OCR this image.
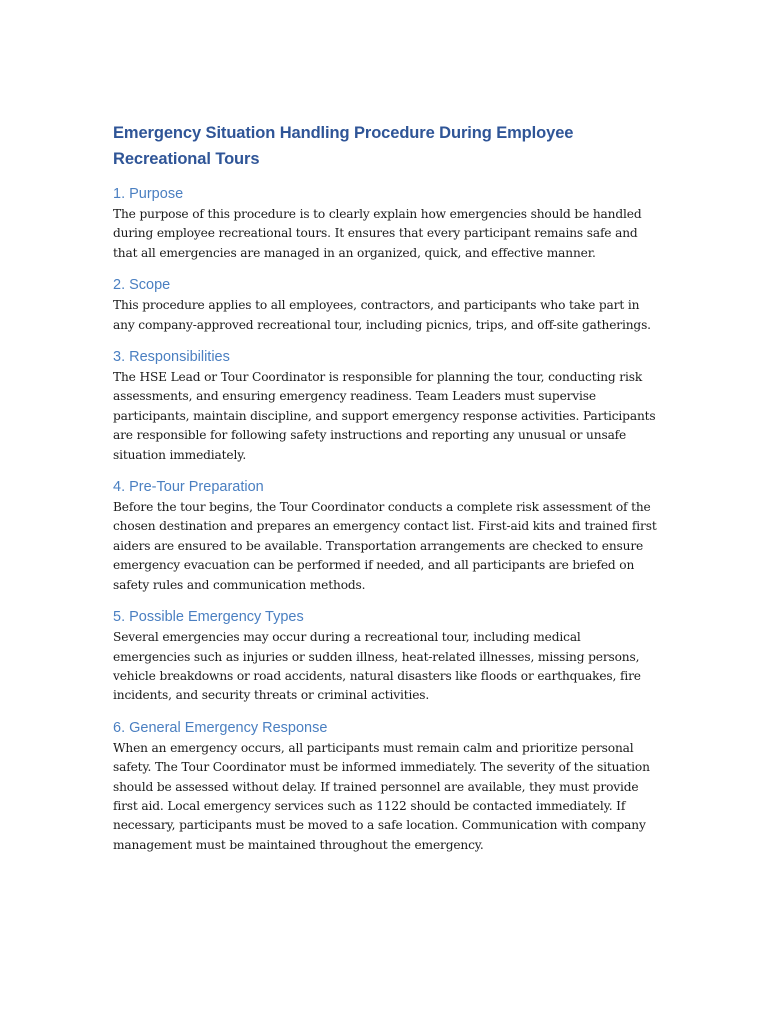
Emergency Situation Handling Procedure During Employee Recreational Tours
1. Purpose

The purpose of this procedure is to clearly explain how emergencies should be handled during employee recreational tours. It ensures that every participant remains safe and that all emergencies are managed in an organized, quick, and effective manner.

2. Scope

This procedure applies to all employees, contractors, and participants who take part in any company-approved recreational tour, including picnics, trips, and off-site gatherings.

3. Responsibilities

The HSE Lead or Tour Coordinator is responsible for planning the tour, conducting risk assessments, and ensuring emergency readiness. Team Leaders must supervise participants, maintain discipline, and support emergency response activities. Participants are responsible for following safety instructions and reporting any unusual or unsafe situation immediately.

4. Pre-Tour Preparation

Before the tour begins, the Tour Coordinator conducts a complete risk assessment of the chosen destination and prepares an emergency contact list. First-aid kits and trained first aiders are ensured to be available. Transportation arrangements are checked to ensure emergency evacuation can be performed if needed, and all participants are briefed on safety rules and communication methods.

5. Possible Emergency Types

Several emergencies may occur during a recreational tour, including medical emergencies such as injuries or sudden illness, heat-related illnesses, missing persons, vehicle breakdowns or road accidents, natural disasters like floods or earthquakes, fire incidents, and security threats or criminal activities.

6. General Emergency Response

When an emergency occurs, all participants must remain calm and prioritize personal safety. The Tour Coordinator must be informed immediately. The severity of the situation should be assessed without delay. If trained personnel are available, they must provide first aid. Local emergency services such as 1122 should be contacted immediately. If necessary, participants must be moved to a safe location. Communication with company management must be maintained throughout the emergency.
